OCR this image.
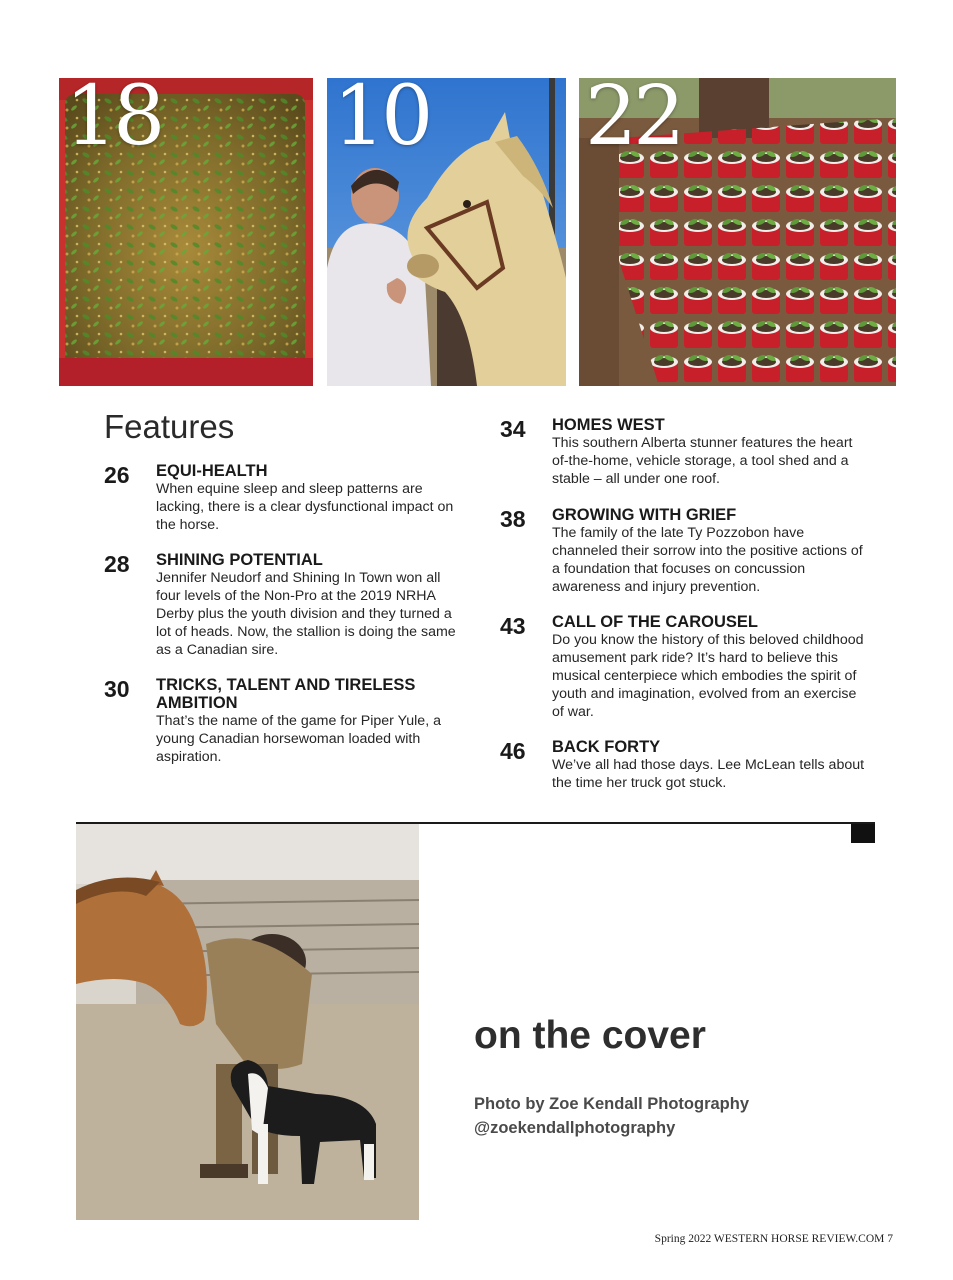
18 10 22
Features
26 EQUI-HEALTH
When equine sleep and sleep patterns are lacking, there is a clear dysfunctional impact on the horse.
28 SHINING POTENTIAL
Jennifer Neudorf and Shining In Town won all four levels of the Non-Pro at the 2019 NRHA Derby plus the youth division and they turned a lot of heads. Now, the stallion is doing the same as a Canadian sire.
30 TRICKS, TALENT AND TIRELESS AMBITION
That’s the name of the game for Piper Yule, a young Canadian horsewoman loaded with aspiration.
34 HOMES WEST
This southern Alberta stunner features the heart of-the-home, vehicle storage, a tool shed and a stable – all under one roof.
38 GROWING WITH GRIEF
The family of the late Ty Pozzobon have channeled their sorrow into the positive actions of a foundation that focuses on concussion awareness and injury prevention.
43 CALL OF THE CAROUSEL
Do you know the history of this beloved childhood amusement park ride? It’s hard to believe this musical centerpiece which embodies the spirit of youth and imagination, evolved from an exercise of war.
46 BACK FORTY
We’ve all had those days. Lee McLean tells about the time her truck got stuck.
on the cover
Photo by Zoe Kendall Photography
@zoekendallphotography
Spring 2022 WESTERN HORSE REVIEW.COM 7
